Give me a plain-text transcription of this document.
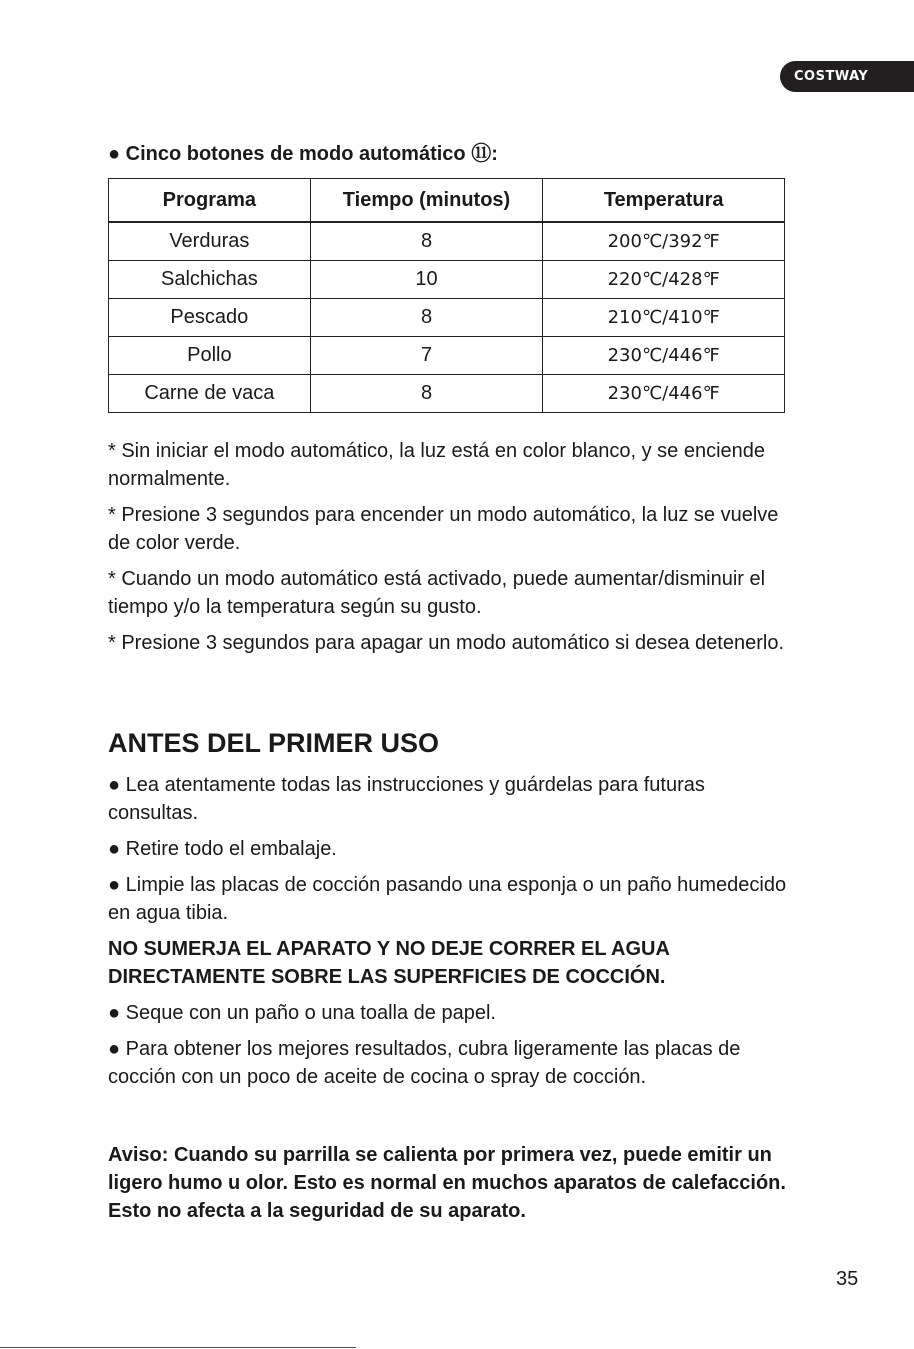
COSTWAY
● Cinco botones de modo automático ⑪:
Programa	Tiempo (minutos)	Temperatura
Verduras	8	200℃/392℉
Salchichas	10	220℃/428℉
Pescado	8	210℃/410℉
Pollo	7	230℃/446℉
Carne de vaca	8	230℃/446℉

* Sin iniciar el modo automático, la luz está en color blanco, y se enciende normalmente.

* Presione 3 segundos para encender un modo automático, la luz se vuelve de color verde.

* Cuando un modo automático está activado, puede aumentar/disminuir el tiempo y/o la temperatura según su gusto.

* Presione 3 segundos para apagar un modo automático si desea detenerlo.

ANTES DEL PRIMER USO

● Lea atentamente todas las instrucciones y guárdelas para futuras consultas.

● Retire todo el embalaje.

● Limpie las placas de cocción pasando una esponja o un paño humedecido en agua tibia.

NO SUMERJA EL APARATO Y NO DEJE CORRER EL AGUA DIRECTAMENTE SOBRE LAS SUPERFICIES DE COCCIÓN.

● Seque con un paño o una toalla de papel.

● Para obtener los mejores resultados, cubra ligeramente las placas de cocción con un poco de aceite de cocina o spray de cocción.

Aviso: Cuando su parrilla se calienta por primera vez, puede emitir un ligero humo u olor. Esto es normal en muchos aparatos de calefacción. Esto no afecta a la seguridad de su aparato.

35
